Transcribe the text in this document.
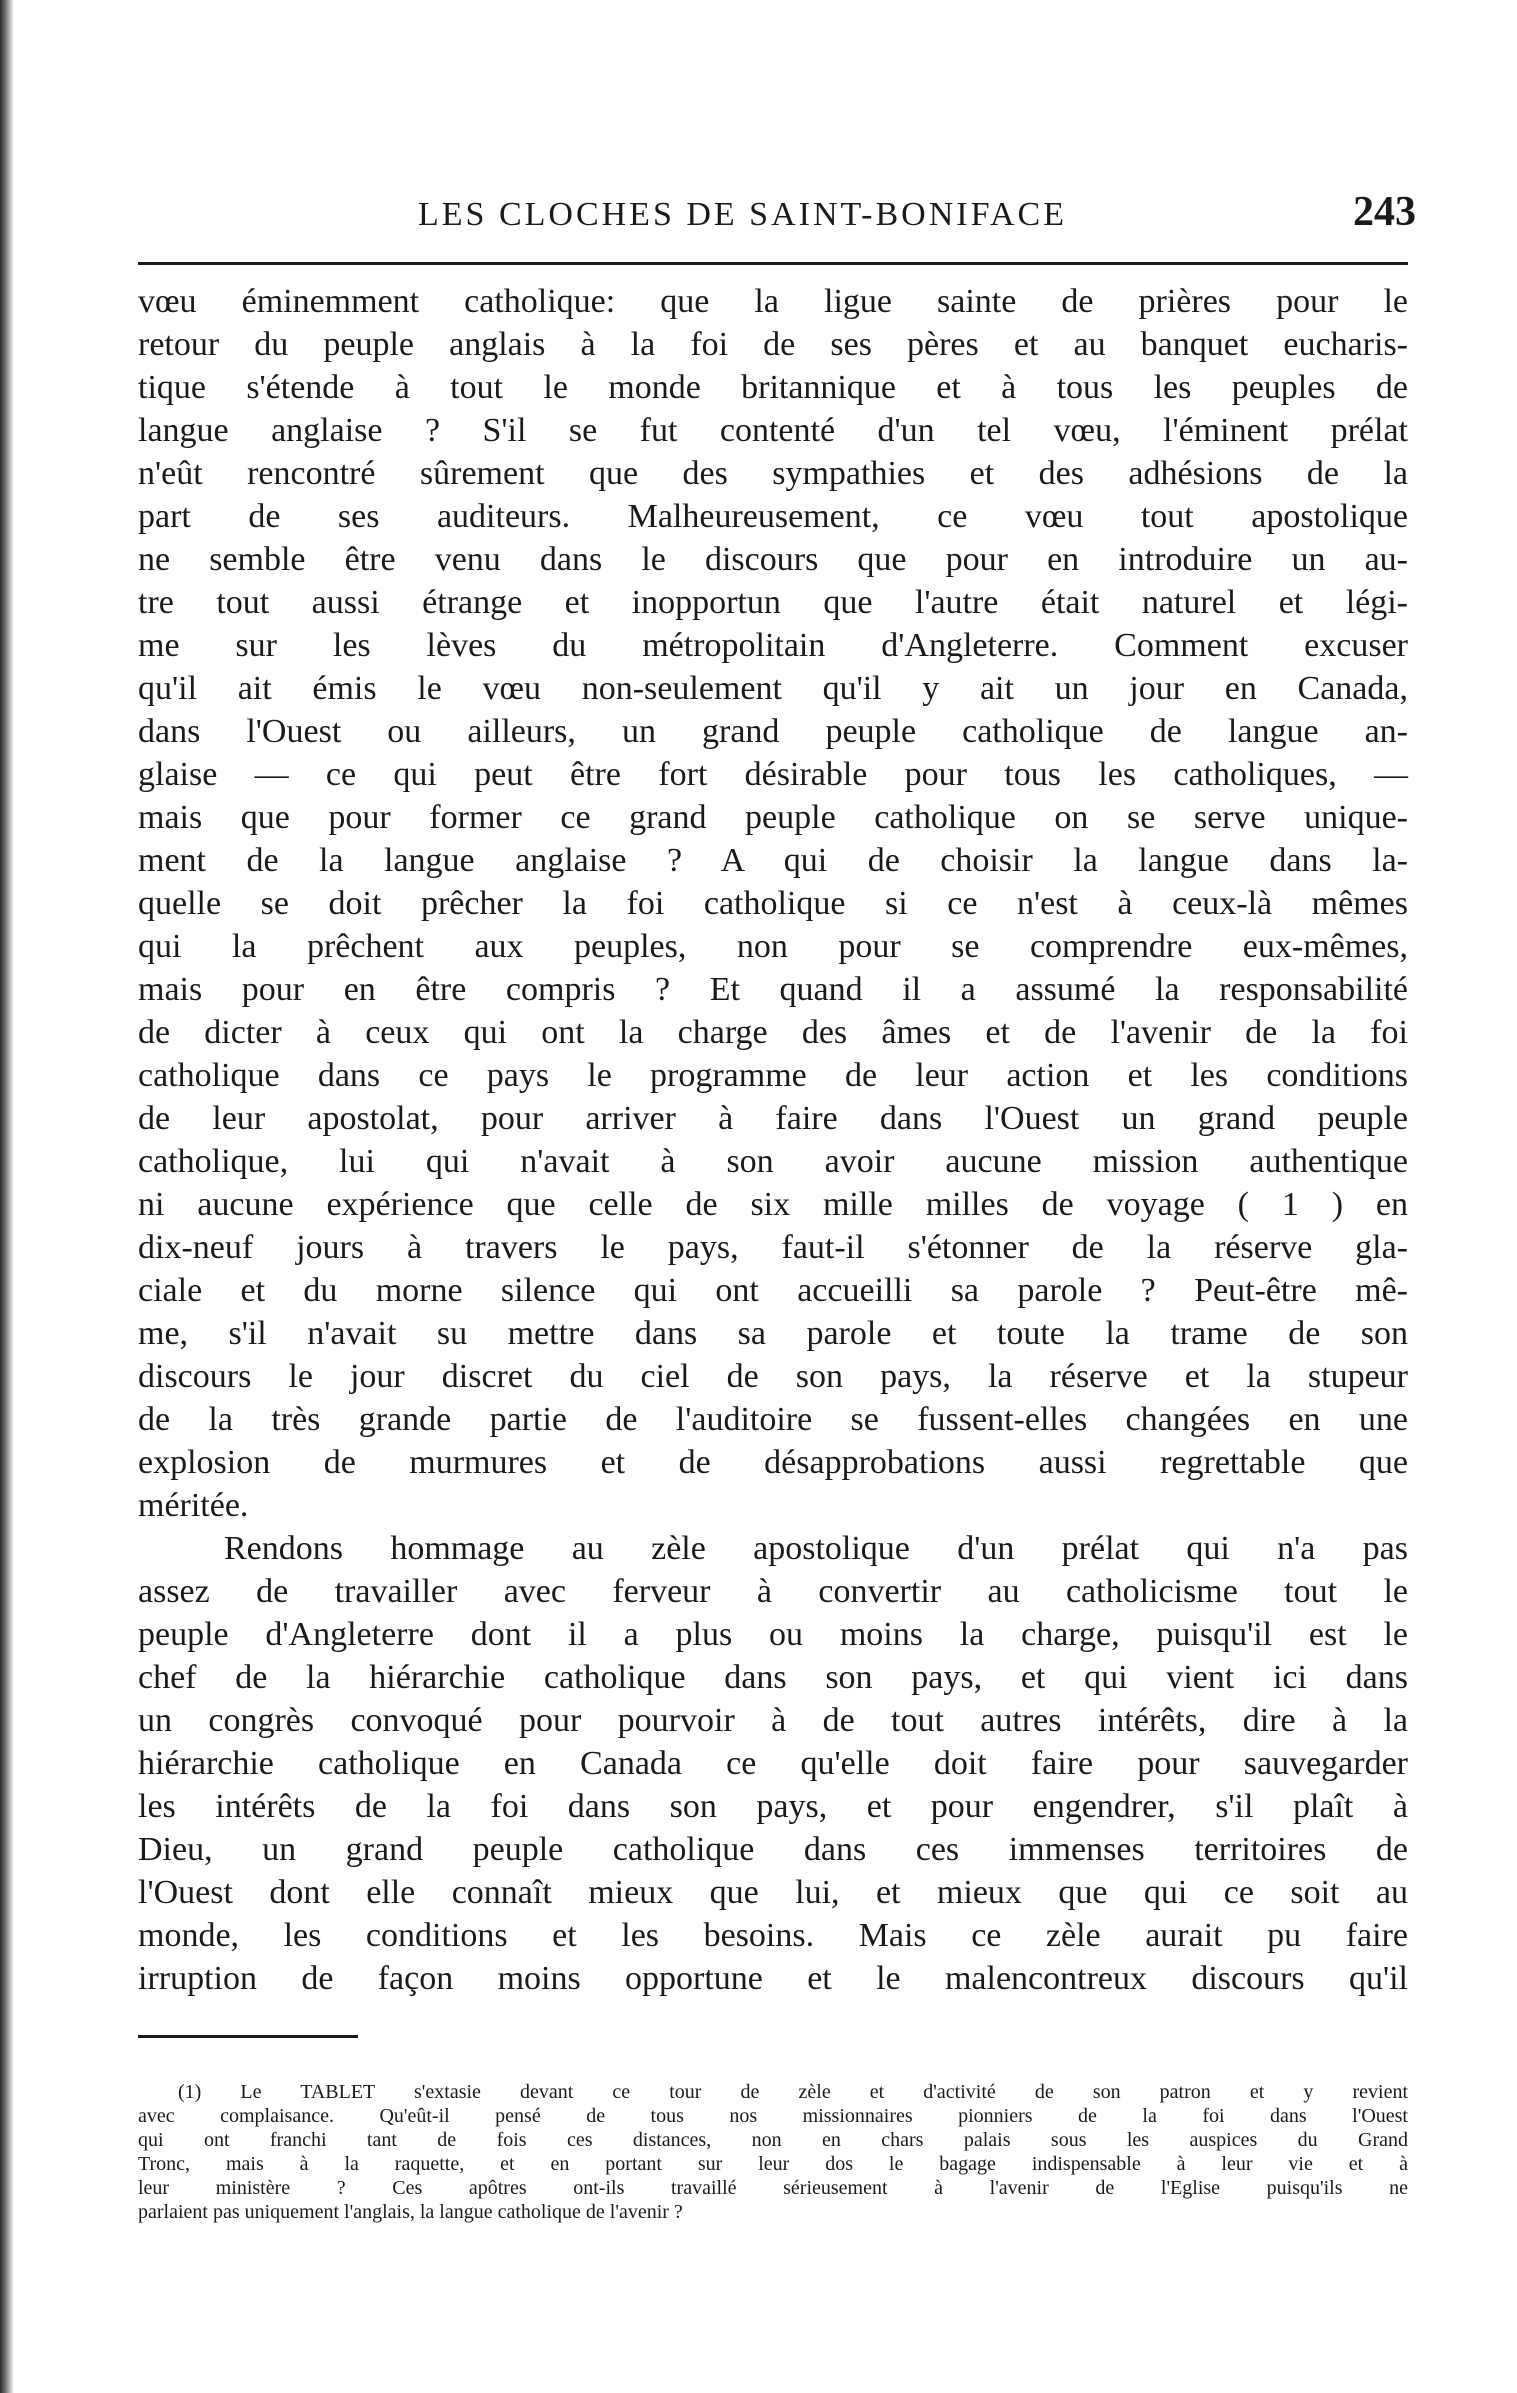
LES CLOCHES DE SAINT-BONIFACE	243
vœu éminemment catholique: que la ligue sainte de prières pour le
retour du peuple anglais à la foi de ses pères et au banquet eucharis-
tique s'étende à tout le monde britannique et à tous les peuples de
langue anglaise ? S'il se fut contenté d'un tel vœu, l'éminent prélat
n'eût rencontré sûrement que des sympathies et des adhésions de la
part de ses auditeurs. Malheureusement, ce vœu tout apostolique
ne semble être venu dans le discours que pour en introduire un au-
tre tout aussi étrange et inopportun que l'autre était naturel et légi-
me sur les lèves du métropolitain d'Angleterre. Comment excuser
qu'il ait émis le vœu non-seulement qu'il y ait un jour en Canada,
dans l'Ouest ou ailleurs, un grand peuple catholique de langue an-
glaise — ce qui peut être fort désirable pour tous les catholiques, —
mais que pour former ce grand peuple catholique on se serve unique-
ment de la langue anglaise ? A qui de choisir la langue dans la-
quelle se doit prêcher la foi catholique si ce n'est à ceux-là mêmes
qui la prêchent aux peuples, non pour se comprendre eux-mêmes,
mais pour en être compris ? Et quand il a assumé la responsabilité
de dicter à ceux qui ont la charge des âmes et de l'avenir de la foi
catholique dans ce pays le programme de leur action et les conditions
de leur apostolat, pour arriver à faire dans l'Ouest un grand peuple
catholique, lui qui n'avait à son avoir aucune mission authentique
ni aucune expérience que celle de six mille milles de voyage ( 1 ) en
dix-neuf jours à travers le pays, faut-il s'étonner de la réserve gla-
ciale et du morne silence qui ont accueilli sa parole ? Peut-être mê-
me, s'il n'avait su mettre dans sa parole et toute la trame de son
discours le jour discret du ciel de son pays, la réserve et la stupeur
de la très grande partie de l'auditoire se fussent-elles changées en une
explosion de murmures et de désapprobations aussi regrettable que
méritée.
Rendons hommage au zèle apostolique d'un prélat qui n'a pas
assez de travailler avec ferveur à convertir au catholicisme tout le
peuple d'Angleterre dont il a plus ou moins la charge, puisqu'il est le
chef de la hiérarchie catholique dans son pays, et qui vient ici dans
un congrès convoqué pour pourvoir à de tout autres intérêts, dire à la
hiérarchie catholique en Canada ce qu'elle doit faire pour sauvegarder
les intérêts de la foi dans son pays, et pour engendrer, s'il plaît à
Dieu, un grand peuple catholique dans ces immenses territoires de
l'Ouest dont elle connaît mieux que lui, et mieux que qui ce soit au
monde, les conditions et les besoins. Mais ce zèle aurait pu faire
irruption de façon moins opportune et le malencontreux discours qu'il
(1) Le TABLET s'extasie devant ce tour de zèle et d'activité de son patron et y revient
avec complaisance. Qu'eût-il pensé de tous nos missionnaires pionniers de la foi dans l'Ouest
qui ont franchi tant de fois ces distances, non en chars palais sous les auspices du Grand
Tronc, mais à la raquette, et en portant sur leur dos le bagage indispensable à leur vie et à
leur ministère ? Ces apôtres ont-ils travaillé sérieusement à l'avenir de l'Eglise puisqu'ils ne
parlaient pas uniquement l'anglais, la langue catholique de l'avenir ?
